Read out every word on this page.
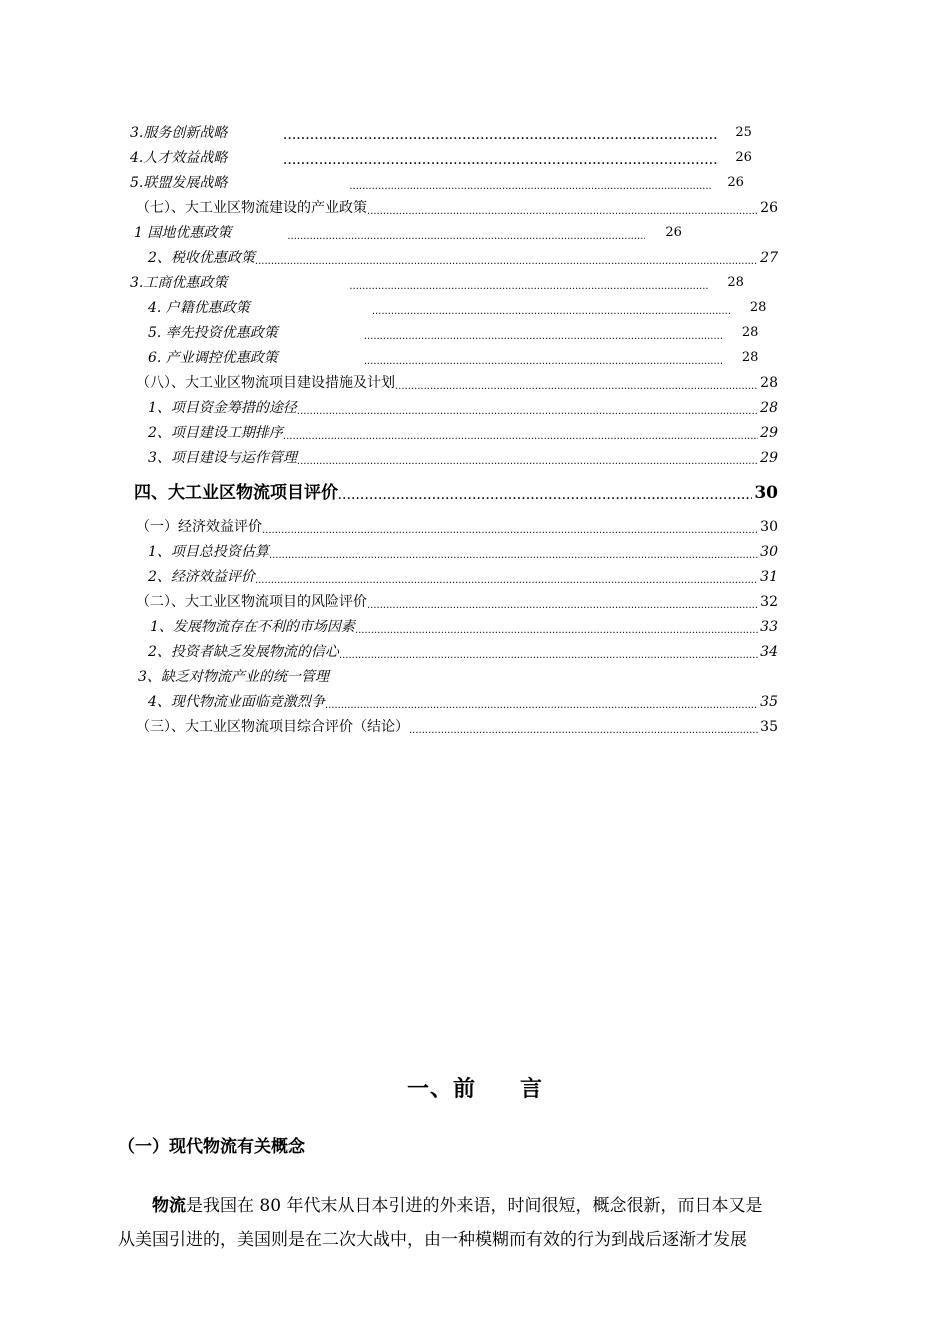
3.服务创新战略 .....	25
4.人才效益战略 .....	26
5.联盟发展战略 .....	26
（七）、大工业区物流建设的产业政策 .....	26
1 国地优惠政策 .....	26
2、税收优惠政策 .....	27
3.工商优惠政策 .....	28
4. 户籍优惠政策 .....	28
5. 率先投资优惠政策 .....	28
6. 产业调控优惠政策 .....	28
（八）、大工业区物流项目建设措施及计划 .....	28
1、项目资金筹措的途径 .....	28
2、项目建设工期排序 .....	29
3、项目建设与运作管理 .....	29
四、大工业区物流项目评价 .....	30
（一）经济效益评价 .....	30
1、项目总投资估算 .....	30
2、经济效益评价 .....	31
（二）、大工业区物流项目的风险评价 .....	32
1、发展物流存在不利的市场因素 .....	33
2、投资者缺乏发展物流的信心 .....	34
3、缺乏对物流产业的统一管理
4、现代物流业面临竞激烈争 .....	35
（三）、大工业区物流项目综合评价（结论） .....	35
一、前 言
（一）现代物流有关概念
物流是我国在 80 年代末从日本引进的外来语，时间很短，概念很新，而日本又是
从美国引进的，美国则是在二次大战中，由一种模糊而有效的行为到战后逐渐才发展
